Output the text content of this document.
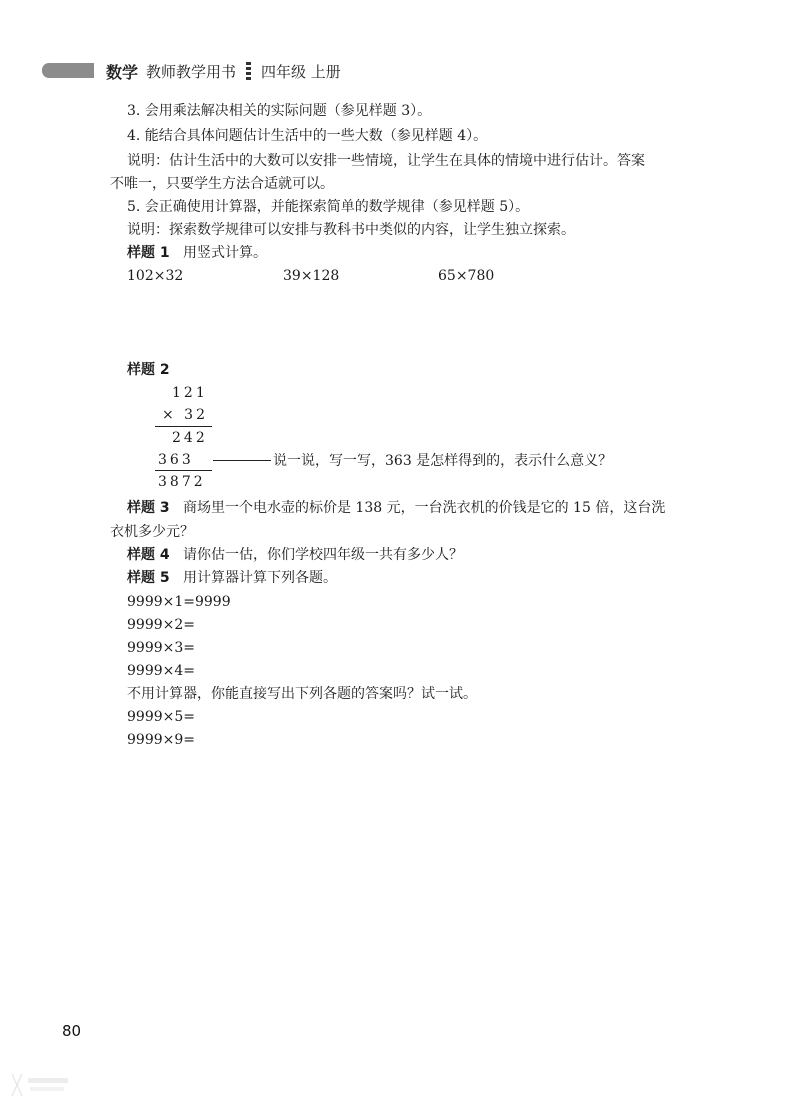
数学 教师教学用书 四年级 上册
3. 会用乘法解决相关的实际问题（参见样题 3）。
4. 能结合具体问题估计生活中的一些大数（参见样题 4）。
说明：估计生活中的大数可以安排一些情境，让学生在具体的情境中进行估计。答案
不唯一，只要学生方法合适就可以。
5. 会正确使用计算器，并能探索简单的数学规律（参见样题 5）。
说明：探索数学规律可以安排与教科书中类似的内容，让学生独立探索。
样题 1 用竖式计算。
102×32	39×128	65×780
样题 2
121
× 32
242
363	说一说，写一写，363 是怎样得到的，表示什么意义？
3872
样题 3 商场里一个电水壶的标价是 138 元，一台洗衣机的价钱是它的 15 倍，这台洗
衣机多少元？
样题 4 请你估一估，你们学校四年级一共有多少人？
样题 5 用计算器计算下列各题。
9999×1=9999
9999×2=
9999×3=
9999×4=
不用计算器，你能直接写出下列各题的答案吗？试一试。
9999×5=
9999×9=
80
